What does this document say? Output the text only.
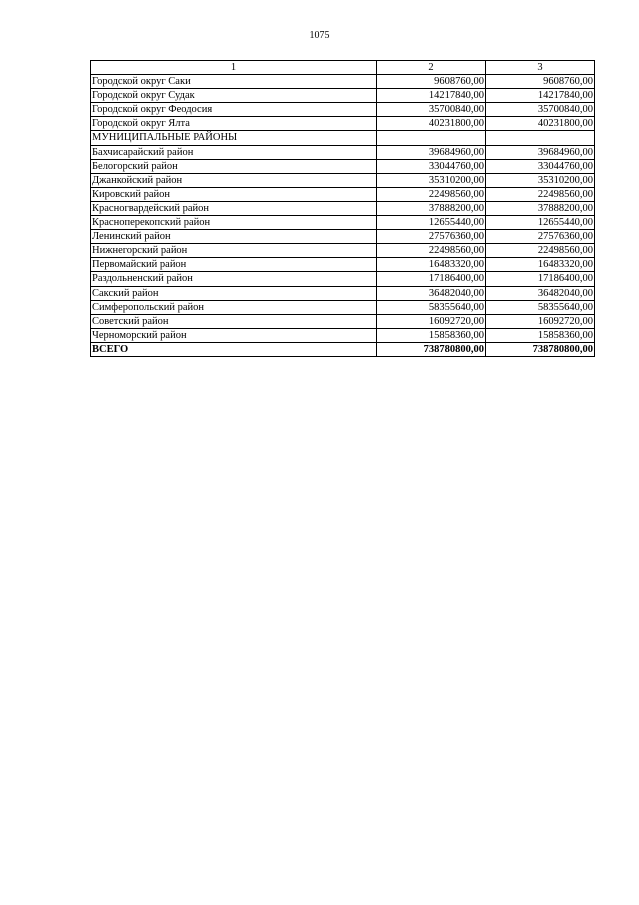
1075
1	2	3
Городской округ Саки	9608760,00	9608760,00
Городской округ Судак	14217840,00	14217840,00
Городской округ Феодосия	35700840,00	35700840,00
Городской округ Ялта	40231800,00	40231800,00
МУНИЦИПАЛЬНЫЕ РАЙОНЫ		
Бахчисарайский район	39684960,00	39684960,00
Белогорский район	33044760,00	33044760,00
Джанкойский район	35310200,00	35310200,00
Кировский район	22498560,00	22498560,00
Красногвардейский район	37888200,00	37888200,00
Красноперекопский район	12655440,00	12655440,00
Ленинский район	27576360,00	27576360,00
Нижнегорский район	22498560,00	22498560,00
Первомайский район	16483320,00	16483320,00
Раздольненский район	17186400,00	17186400,00
Сакский район	36482040,00	36482040,00
Симферопольский район	58355640,00	58355640,00
Советский район	16092720,00	16092720,00
Черноморский район	15858360,00	15858360,00
ВСЕГО	738780800,00	738780800,00
